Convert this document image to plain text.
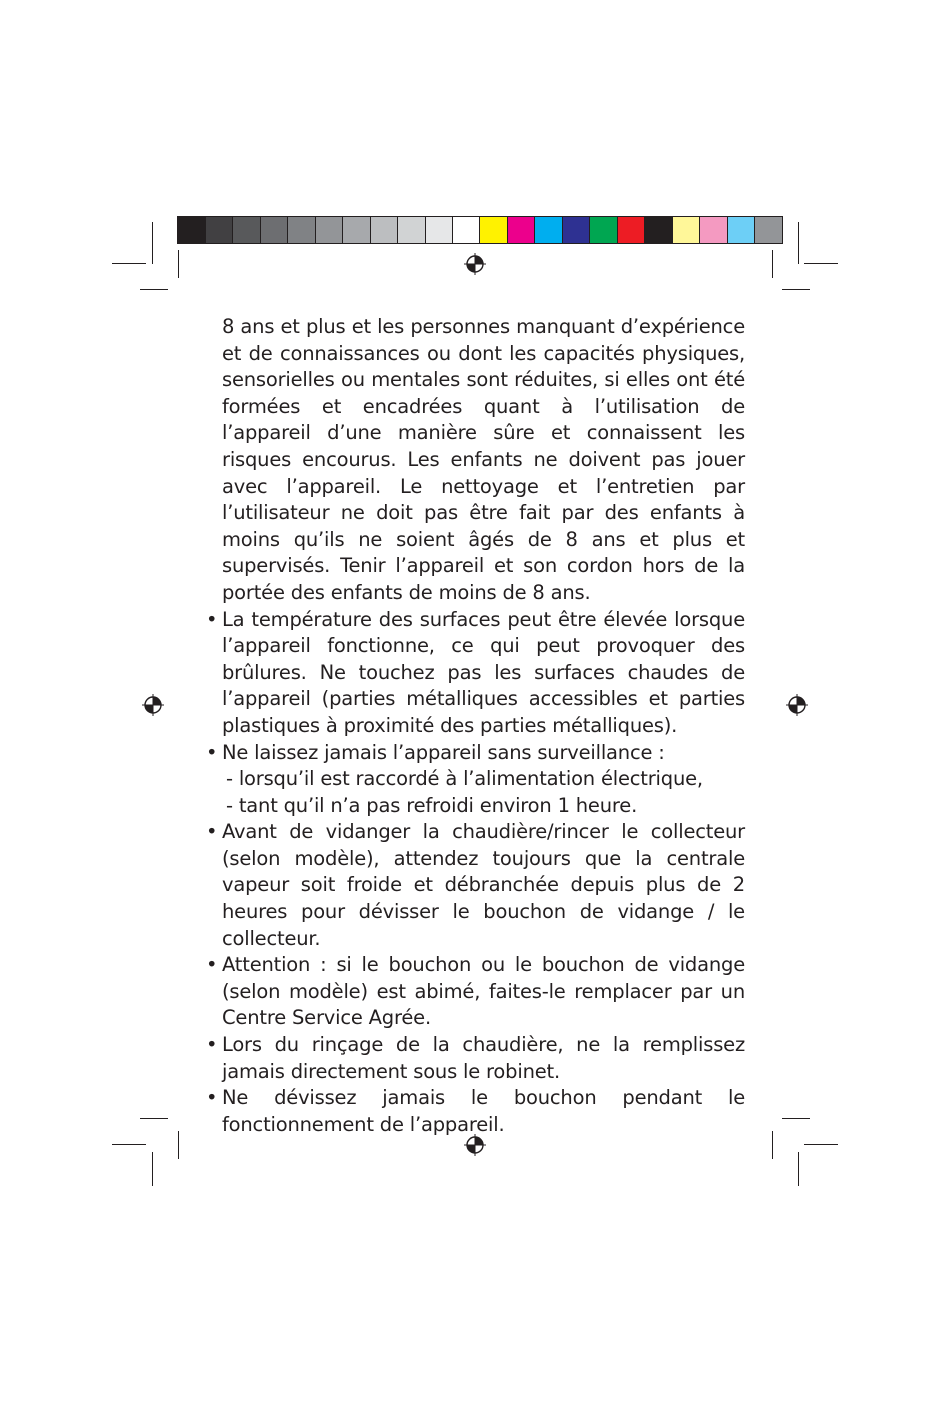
8 ans et plus et les personnes manquant d’expérience et de connaissances ou dont les capacités physiques, sensorielles ou mentales sont réduites, si elles ont été formées et encadrées quant à l’utilisation de l’appareil d’une manière sûre et connaissent les risques encourus. Les enfants ne doivent pas jouer avec l’appareil. Le nettoyage et l’entretien par l’utilisateur ne doit pas être fait par des enfants à moins qu’ils ne soient âgés de 8 ans et plus et supervisés. Tenir l’appareil et son cordon hors de la portée des enfants de moins de 8 ans.

• La température des surfaces peut être élevée lorsque l’appareil fonctionne, ce qui peut provoquer des brûlures. Ne touchez pas les surfaces chaudes de l’appareil (parties métalliques accessibles et parties plastiques à proximité des parties métalliques).
• Ne laissez jamais l’appareil sans surveillance :
- lorsqu’il est raccordé à l’alimentation électrique,
- tant qu’il n’a pas refroidi environ 1 heure.
• Avant de vidanger la chaudière/rincer le collecteur (selon modèle), attendez toujours que la centrale vapeur soit froide et débranchée depuis plus de 2 heures pour dévisser le bouchon de vidange / le collecteur.
• Attention : si le bouchon ou le bouchon de vidange (selon modèle) est abimé, faites-le remplacer par un Centre Service Agrée.
• Lors du rinçage de la chaudière, ne la remplissez jamais directement sous le robinet.
• Ne dévissez jamais le bouchon pendant le fonctionnement de l’appareil.
